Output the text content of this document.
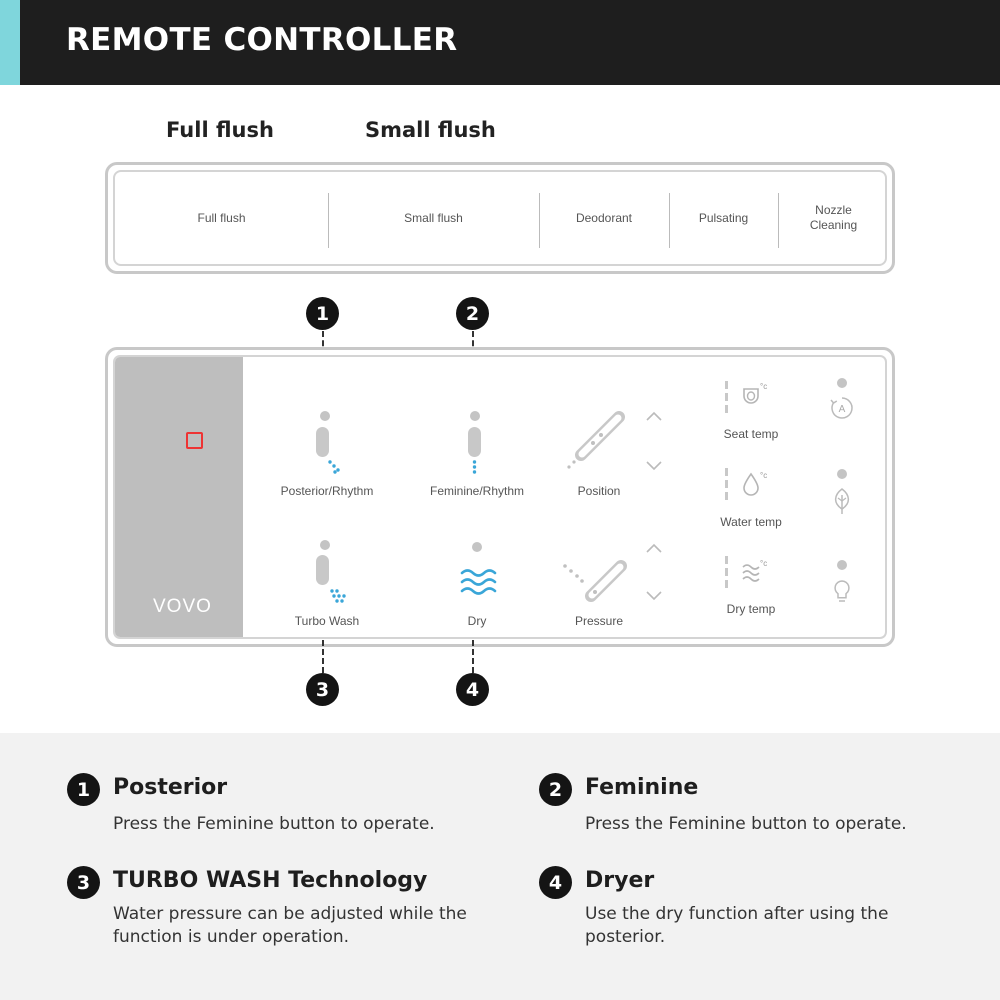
REMOTE CONTROLLER
Full flush	Small flush
Full flush	Small flush	Deodorant	Pulsating
Nozzle
Cleaning
1	2
VOVO
Posterior/Rhythm	Feminine/Rhythm	Position
Turbo Wash	Dry	Pressure
°c
Seat temp
°c
Water temp
°c
Dry temp
A
3	4
1	Posterior
Press the Feminine button to operate.
2	Feminine
Press the Feminine button to operate.
3	TURBO WASH Technology
Water pressure can be adjusted while the function is under operation.
4	Dryer
Use the dry function after using the posterior.
